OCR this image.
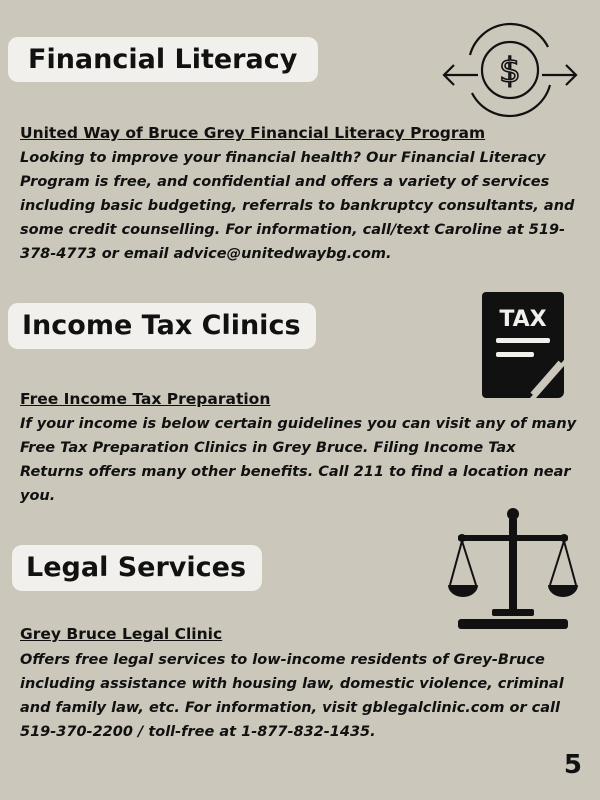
Financial Literacy	$
United Way of Bruce Grey Financial Literacy Program
Looking to improve your financial health? Our Financial Literacy Program is free, and confidential and offers a variety of services including basic budgeting, referrals to bankruptcy consultants, and some credit counselling. For information, call/text Caroline at 519-378-4773 or email advice@unitedwaybg.com.
Income Tax Clinics	TAX
Free Income Tax Preparation
If your income is below certain guidelines you can visit any of many Free Tax Preparation Clinics in Grey Bruce. Filing Income Tax Returns offers many other benefits. Call 211 to find a location near you.
Legal Services
Grey Bruce Legal Clinic
Offers free legal services to low-income residents of Grey-Bruce including assistance with housing law, domestic violence, criminal and family law, etc. For information, visit gblegalclinic.com or call 519-370-2200 / toll-free at 1-877-832-1435.
5
